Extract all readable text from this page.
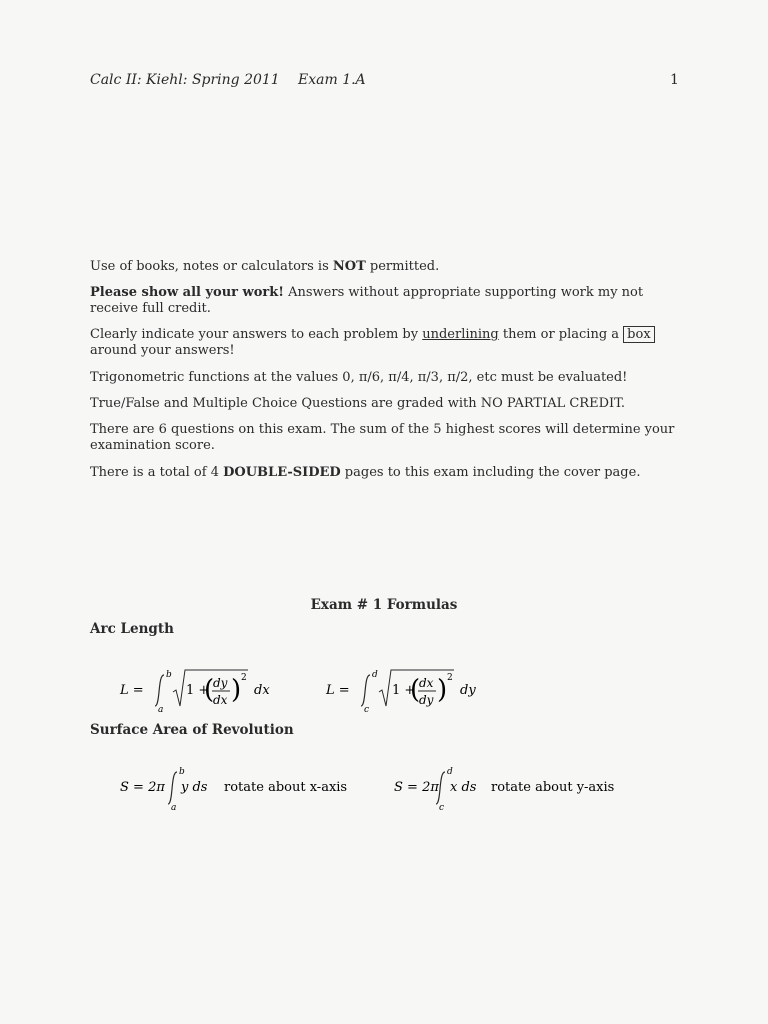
Calc II: Kiehl: Spring 2011 Exam 1.A	1
Use of books, notes or calculators is NOT permitted.
Please show all your work! Answers without appropriate supporting work my not receive full credit.
Clearly indicate your answers to each problem by underlining them or placing a box around your answers!
Trigonometric functions at the values 0, π/6, π/4, π/3, π/2, etc must be evaluated!
True/False and Multiple Choice Questions are graded with NO PARTIAL CREDIT.
There are 6 questions on this exam. The sum of the 5 highest scores will determine your examination score.
There is a total of 4 DOUBLE-SIDED pages to this exam including the cover page.
Exam # 1 Formulas
Arc Length
L =
b
a
1 +
(
dy
dx ) 2
dx	L =
d
c
1 +
(
dx
dy ) 2
dy
Surface Area of Revolution
S = 2π
b
a
y ds rotate about x-axis	S = 2π
d
c
x ds rotate about y-axis
